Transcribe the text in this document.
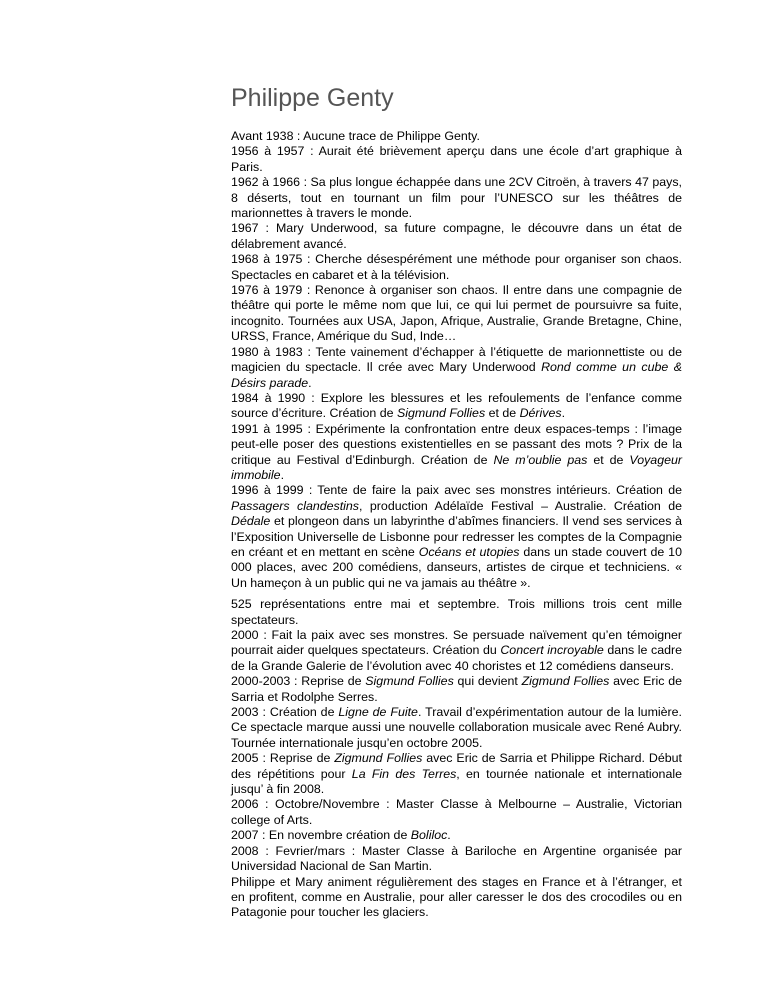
Philippe Genty

Avant 1938 : Aucune trace de Philippe Genty.

1956 à 1957 : Aurait été brièvement aperçu dans une école d’art graphique à Paris.

1962 à 1966 : Sa plus longue échappée dans une 2CV Citroën, à travers 47 pays, 8 déserts, tout en tournant un film pour l’UNESCO sur les théâtres de marionnettes à travers le monde.

1967 : Mary Underwood, sa future compagne, le découvre dans un état de délabrement avancé.

1968 à 1975 : Cherche désespérément une méthode pour organiser son chaos. Spectacles en cabaret et à la télévision.

1976 à 1979 : Renonce à organiser son chaos. Il entre dans une compagnie de théâtre qui porte le même nom que lui, ce qui lui permet de poursuivre sa fuite, incognito. Tournées aux USA, Japon, Afrique, Australie, Grande Bretagne, Chine, URSS, France, Amérique du Sud, Inde…

1980 à 1983 : Tente vainement d’échapper à l’étiquette de marionnettiste ou de magicien du spectacle. Il crée avec Mary Underwood Rond comme un cube & Désirs parade.

1984 à 1990 : Explore les blessures et les refoulements de l’enfance comme source d’écriture. Création de Sigmund Follies et de Dérives.

1991 à 1995 : Expérimente la confrontation entre deux espaces-temps : l’image peut-elle poser des questions existentielles en se passant des mots ? Prix de la critique au Festival d’Edinburgh. Création de Ne m’oublie pas et de Voyageur immobile.

1996 à 1999 : Tente de faire la paix avec ses monstres intérieurs. Création de Passagers clandestins, production Adélaïde Festival – Australie. Création de Dédale et plongeon dans un labyrinthe d’abîmes financiers. Il vend ses services à l’Exposition Universelle de Lisbonne pour redresser les comptes de la Compagnie en créant et en mettant en scène Océans et utopies dans un stade couvert de 10 000 places, avec 200 comédiens, danseurs, artistes de cirque et techniciens. « Un hameçon à un public qui ne va jamais au théâtre ».

525 représentations entre mai et septembre. Trois millions trois cent mille spectateurs.

2000 : Fait la paix avec ses monstres. Se persuade naïvement qu’en témoigner pourrait aider quelques spectateurs. Création du Concert incroyable dans le cadre de la Grande Galerie de l’évolution avec 40 choristes et 12 comédiens danseurs.

2000-2003 : Reprise de Sigmund Follies qui devient Zigmund Follies avec Eric de Sarria et Rodolphe Serres.

2003 : Création de Ligne de Fuite. Travail d’expérimentation autour de la lumière. Ce spectacle marque aussi une nouvelle collaboration musicale avec René Aubry. Tournée internationale jusqu’en octobre 2005.

2005 : Reprise de Zigmund Follies avec Eric de Sarria et Philippe Richard. Début des répétitions pour La Fin des Terres, en tournée nationale et internationale jusqu’ à fin 2008.

2006 : Octobre/Novembre : Master Classe à Melbourne – Australie, Victorian college of Arts.

2007 : En novembre création de Boliloc.

2008 : Fevrier/mars : Master Classe à Bariloche en Argentine organisée par Universidad Nacional de San Martin.

Philippe et Mary animent régulièrement des stages en France et à l’étranger, et en profitent, comme en Australie, pour aller caresser le dos des crocodiles ou en Patagonie pour toucher les glaciers.
